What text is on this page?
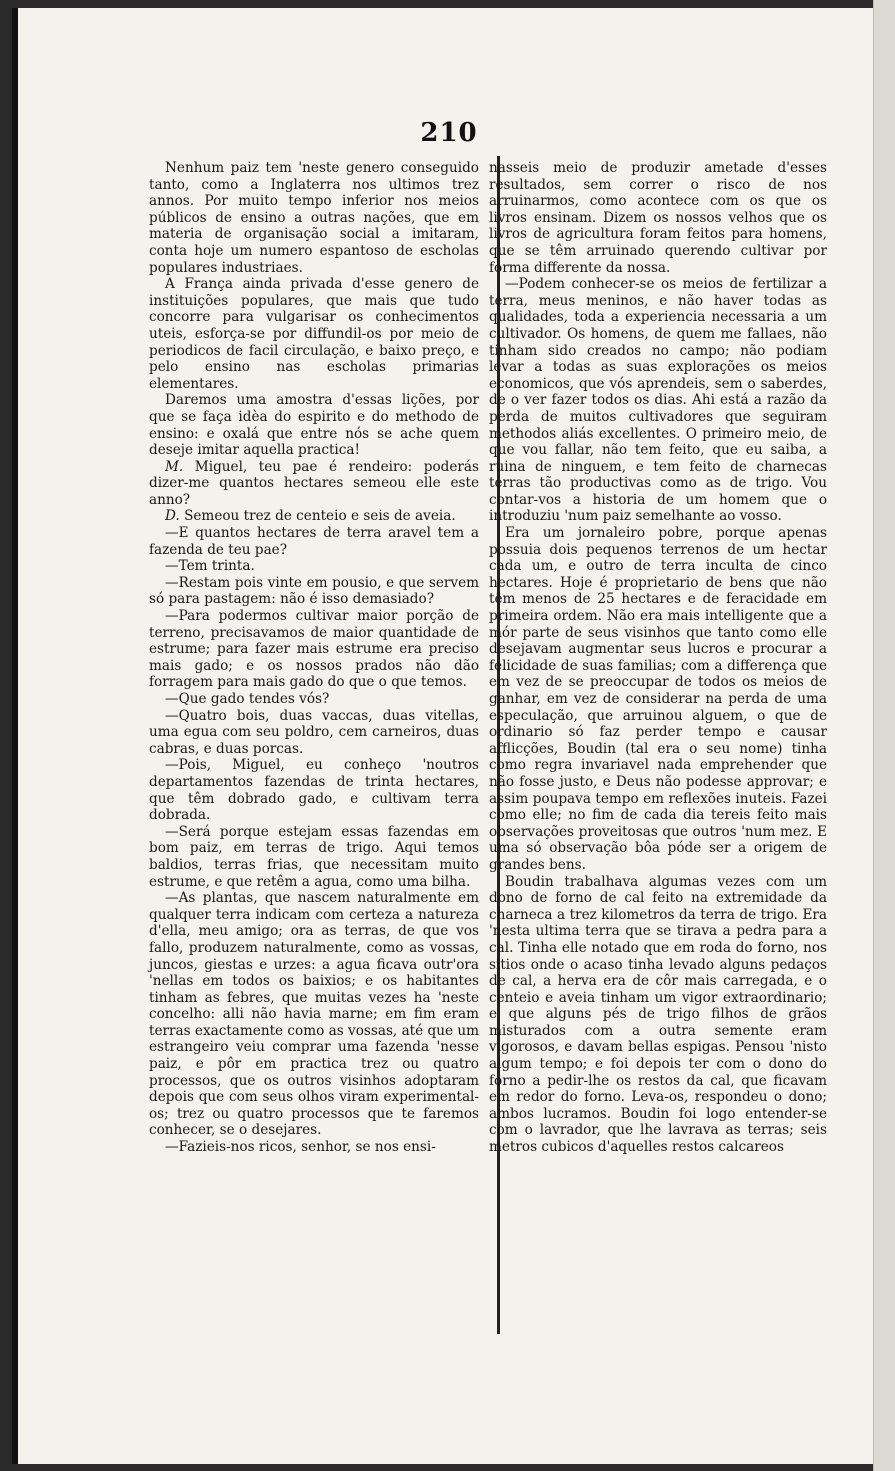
210

Nenhum paiz tem 'neste genero conseguido tanto, como a Inglaterra nos ultimos trez annos. Por muito tempo inferior nos meios públicos de ensino a outras nações, que em materia de organisação social a imitaram, conta hoje um numero espantoso de escholas populares industriaes.

A França ainda privada d'esse genero de instituições populares, que mais que tudo concorre para vulgarisar os conhecimentos uteis, esforça-se por diffundil-os por meio de periodicos de facil circulação, e baixo preço, e pelo ensino nas escholas primarias elementares.

Daremos uma amostra d'essas lições, por que se faça idèa do espirito e do methodo de ensino: e oxalá que entre nós se ache quem deseje imitar aquella practica!

M. Miguel, teu pae é rendeiro: poderás dizer-me quantos hectares semeou elle este anno?

D. Semeou trez de centeio e seis de aveia.

—E quantos hectares de terra aravel tem a fazenda de teu pae?

—Tem trinta.

—Restam pois vinte em pousio, e que servem só para pastagem: não é isso demasiado?

—Para podermos cultivar maior porção de terreno, precisavamos de maior quantidade de estrume; para fazer mais estrume era preciso mais gado; e os nossos prados não dão forragem para mais gado do que o que temos.

—Que gado tendes vós?

—Quatro bois, duas vaccas, duas vitellas, uma egua com seu poldro, cem carneiros, duas cabras, e duas porcas.

—Pois, Miguel, eu conheço 'noutros departamentos fazendas de trinta hectares, que têm dobrado gado, e cultivam terra dobrada.

—Será porque estejam essas fazendas em bom paiz, em terras de trigo. Aqui temos baldios, terras frias, que necessitam muito estrume, e que retêm a agua, como uma bilha.

—As plantas, que nascem naturalmente em qualquer terra indicam com certeza a natureza d'ella, meu amigo; ora as terras, de que vos fallo, produzem naturalmente, como as vossas, juncos, giestas e urzes: a agua ficava outr'ora 'nellas em todos os baixios; e os habitantes tinham as febres, que muitas vezes ha 'neste concelho: alli não havia marne; em fim eram terras exactamente como as vossas, até que um estrangeiro veiu comprar uma fazenda 'nesse paiz, e pôr em practica trez ou quatro processos, que os outros visinhos adoptaram depois que com seus olhos viram experimental-os; trez ou quatro processos que te faremos conhecer, se o desejares.

—Fazieis-nos ricos, senhor, se nos ensi-

nasseis meio de produzir ametade d'esses resultados, sem correr o risco de nos arruinarmos, como acontece com os que os livros ensinam. Dizem os nossos velhos que os livros de agricultura foram feitos para homens, que se têm arruinado querendo cultivar por fórma differente da nossa.

—Podem conhecer-se os meios de fertilizar a terra, meus meninos, e não haver todas as qualidades, toda a experiencia necessaria a um cultivador. Os homens, de quem me fallaes, não tinham sido creados no campo; não podiam levar a todas as suas explorações os meios economicos, que vós aprendeis, sem o saberdes, de o ver fazer todos os dias. Ahi está a razão da perda de muitos cultivadores que seguiram methodos aliás excellentes. O primeiro meio, de que vou fallar, não tem feito, que eu saiba, a ruina de ninguem, e tem feito de charnecas terras tão productivas como as de trigo. Vou contar-vos a historia de um homem que o introduziu 'num paiz semelhante ao vosso.

Era um jornaleiro pobre, porque apenas possuia dois pequenos terrenos de um hectar cada um, e outro de terra inculta de cinco hectares. Hoje é proprietario de bens que não têm menos de 25 hectares e de feracidade em primeira ordem. Não era mais intelligente que a mór parte de seus visinhos que tanto como elle desejavam augmentar seus lucros e procurar a felicidade de suas familias; com a differença que em vez de se preoccupar de todos os meios de ganhar, em vez de considerar na perda de uma especulação, que arruinou alguem, o que de ordinario só faz perder tempo e causar afflicções, Boudin (tal era o seu nome) tinha como regra invariavel nada emprehender que não fosse justo, e Deus não podesse approvar; e assim poupava tempo em reflexões inuteis. Fazei como elle; no fim de cada dia tereis feito mais observações proveitosas que outros 'num mez. E uma só observação bôa póde ser a origem de grandes bens.

Boudin trabalhava algumas vezes com um dono de forno de cal feito na extremidade da charneca a trez kilometros da terra de trigo. Era 'nesta ultima terra que se tirava a pedra para a cal. Tinha elle notado que em roda do forno, nos sitios onde o acaso tinha levado alguns pedaços de cal, a herva era de côr mais carregada, e o centeio e aveia tinham um vigor extraordinario; e que alguns pés de trigo filhos de grãos misturados com a outra semente eram vigorosos, e davam bellas espigas. Pensou 'nisto algum tempo; e foi depois ter com o dono do forno a pedir-lhe os restos da cal, que ficavam em redor do forno. Leva-os, respondeu o dono; ambos lucramos. Boudin foi logo entender-se com o lavrador, que lhe lavrava as terras; seis metros cubicos d'aquelles restos calcareos
